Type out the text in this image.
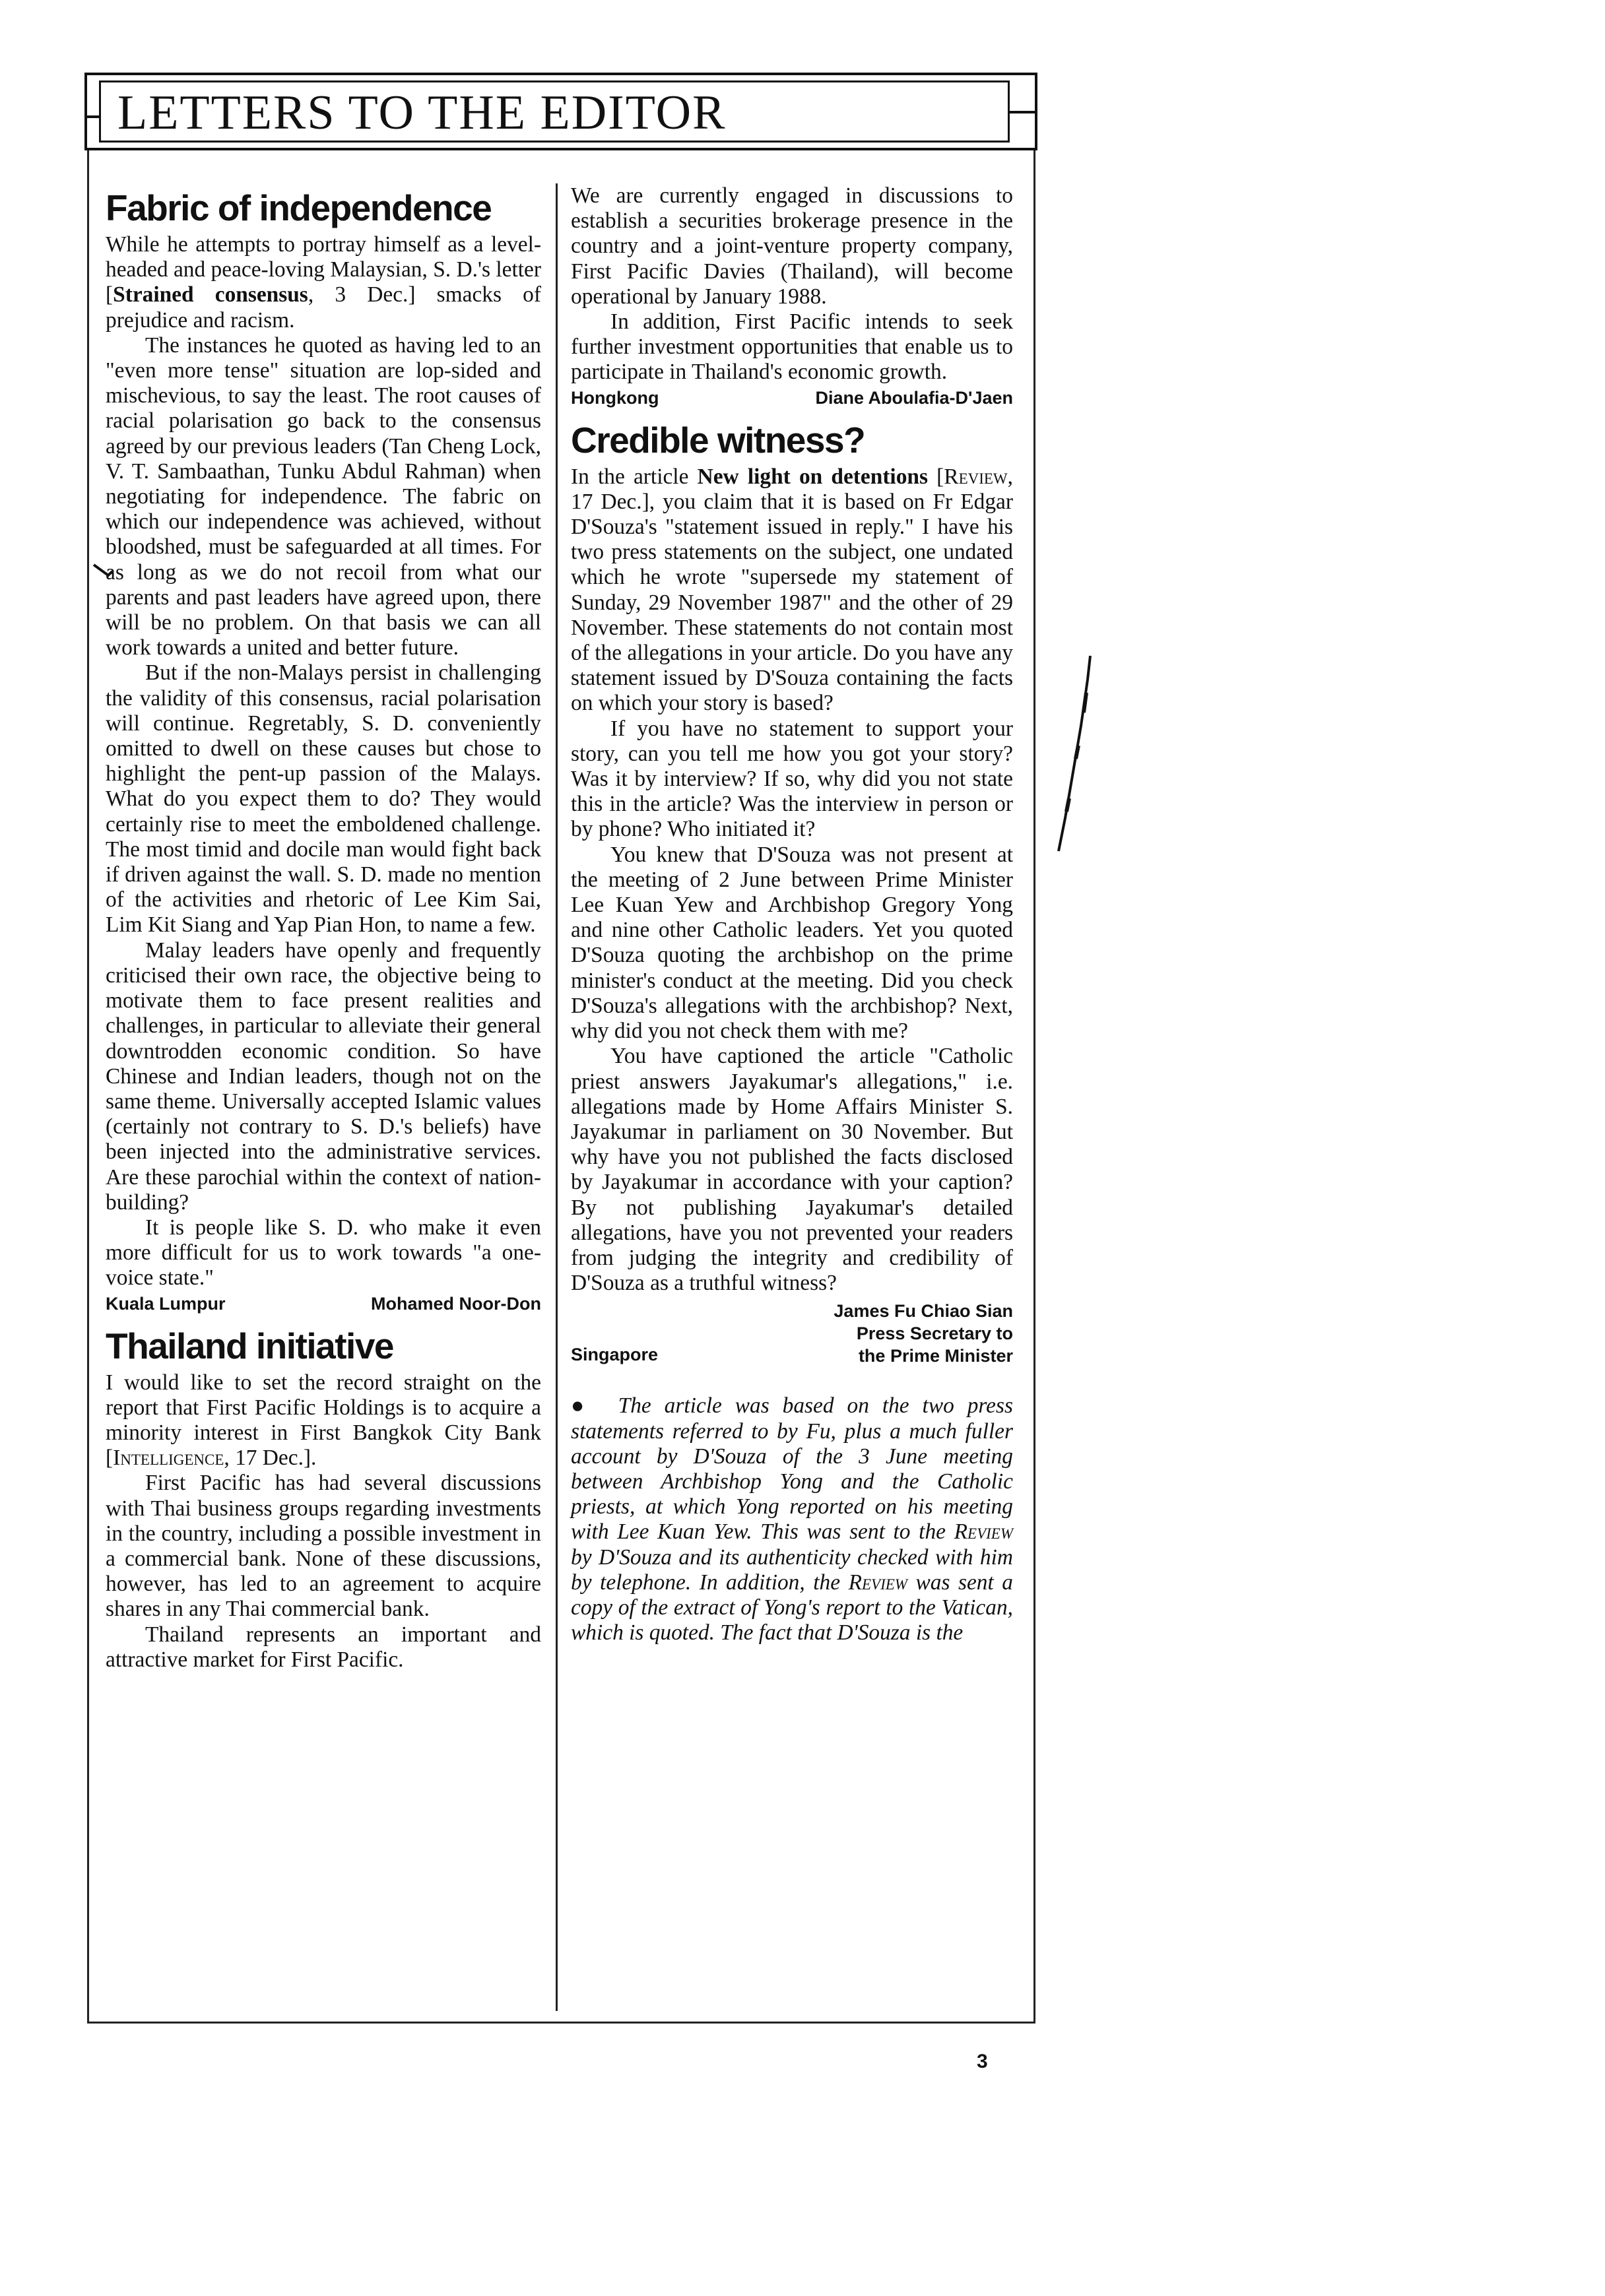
LETTERS TO THE EDITOR
Fabric of independence

While he attempts to portray himself as a level-headed and peace-loving Malaysian, S. D.'s letter [Strained consensus, 3 Dec.] smacks of prejudice and racism.

The instances he quoted as having led to an "even more tense" situation are lop-sided and mischevious, to say the least. The root causes of racial polarisation go back to the consensus agreed by our previous leaders (Tan Cheng Lock, V. T. Sambaathan, Tunku Abdul Rahman) when negotiating for independence. The fabric on which our independence was achieved, without bloodshed, must be safeguarded at all times. For as long as we do not recoil from what our parents and past leaders have agreed upon, there will be no problem. On that basis we can all work towards a united and better future.

But if the non-Malays persist in challenging the validity of this consensus, racial polarisation will continue. Regretably, S. D. conveniently omitted to dwell on these causes but chose to highlight the pent-up passion of the Malays. What do you expect them to do? They would certainly rise to meet the emboldened challenge. The most timid and docile man would fight back if driven against the wall. S. D. made no mention of the activities and rhetoric of Lee Kim Sai, Lim Kit Siang and Yap Pian Hon, to name a few.

Malay leaders have openly and frequently criticised their own race, the objective being to motivate them to face present realities and challenges, in particular to alleviate their general downtrodden economic condition. So have Chinese and Indian leaders, though not on the same theme. Universally accepted Islamic values (certainly not contrary to S. D.'s beliefs) have been injected into the administrative services. Are these parochial within the context of nation-building?

It is people like S. D. who make it even more difficult for us to work towards "a one-voice state."

Kuala Lumpur	Mohamed Noor-Don
Thailand initiative

I would like to set the record straight on the report that First Pacific Holdings is to acquire a minority interest in First Bangkok City Bank [Intelligence, 17 Dec.].

First Pacific has had several discussions with Thai business groups regarding investments in the country, including a possible investment in a commercial bank. None of these discussions, however, has led to an agreement to acquire shares in any Thai commercial bank.

Thailand represents an important and attractive market for First Pacific.

We are currently engaged in discussions to establish a securities brokerage presence in the country and a joint-venture property company, First Pacific Davies (Thailand), will become operational by January 1988.

In addition, First Pacific intends to seek further investment opportunities that enable us to participate in Thailand's economic growth.

Hongkong	Diane Aboulafia-D'Jaen
Credible witness?

In the article New light on detentions [Review, 17 Dec.], you claim that it is based on Fr Edgar D'Souza's "statement issued in reply." I have his two press statements on the subject, one undated which he wrote "supersede my statement of Sunday, 29 November 1987" and the other of 29 November. These statements do not contain most of the allegations in your article. Do you have any statement issued by D'Souza containing the facts on which your story is based?

If you have no statement to support your story, can you tell me how you got your story? Was it by interview? If so, why did you not state this in the article? Was the interview in person or by phone? Who initiated it?

You knew that D'Souza was not present at the meeting of 2 June between Prime Minister Lee Kuan Yew and Archbishop Gregory Yong and nine other Catholic leaders. Yet you quoted D'Souza quoting the archbishop on the prime minister's conduct at the meeting. Did you check D'Souza's allegations with the archbishop? Next, why did you not check them with me?

You have captioned the article "Catholic priest answers Jayakumar's allegations," i.e. allegations made by Home Affairs Minister S. Jayakumar in parliament on 30 November. But why have you not published the facts disclosed by Jayakumar in accordance with your caption? By not publishing Jayakumar's detailed allegations, have you not prevented your readers from judging the integrity and credibility of D'Souza as a truthful witness?

Singapore
James Fu Chiao Sian
Press Secretary to
the Prime Minister

● The article was based on the two press statements referred to by Fu, plus a much fuller account by D'Souza of the 3 June meeting between Archbishop Yong and the Catholic priests, at which Yong reported on his meeting with Lee Kuan Yew. This was sent to the Review by D'Souza and its authenticity checked with him by telephone. In addition, the Review was sent a copy of the extract of Yong's report to the Vatican, which is quoted. The fact that D'Souza is the

3
